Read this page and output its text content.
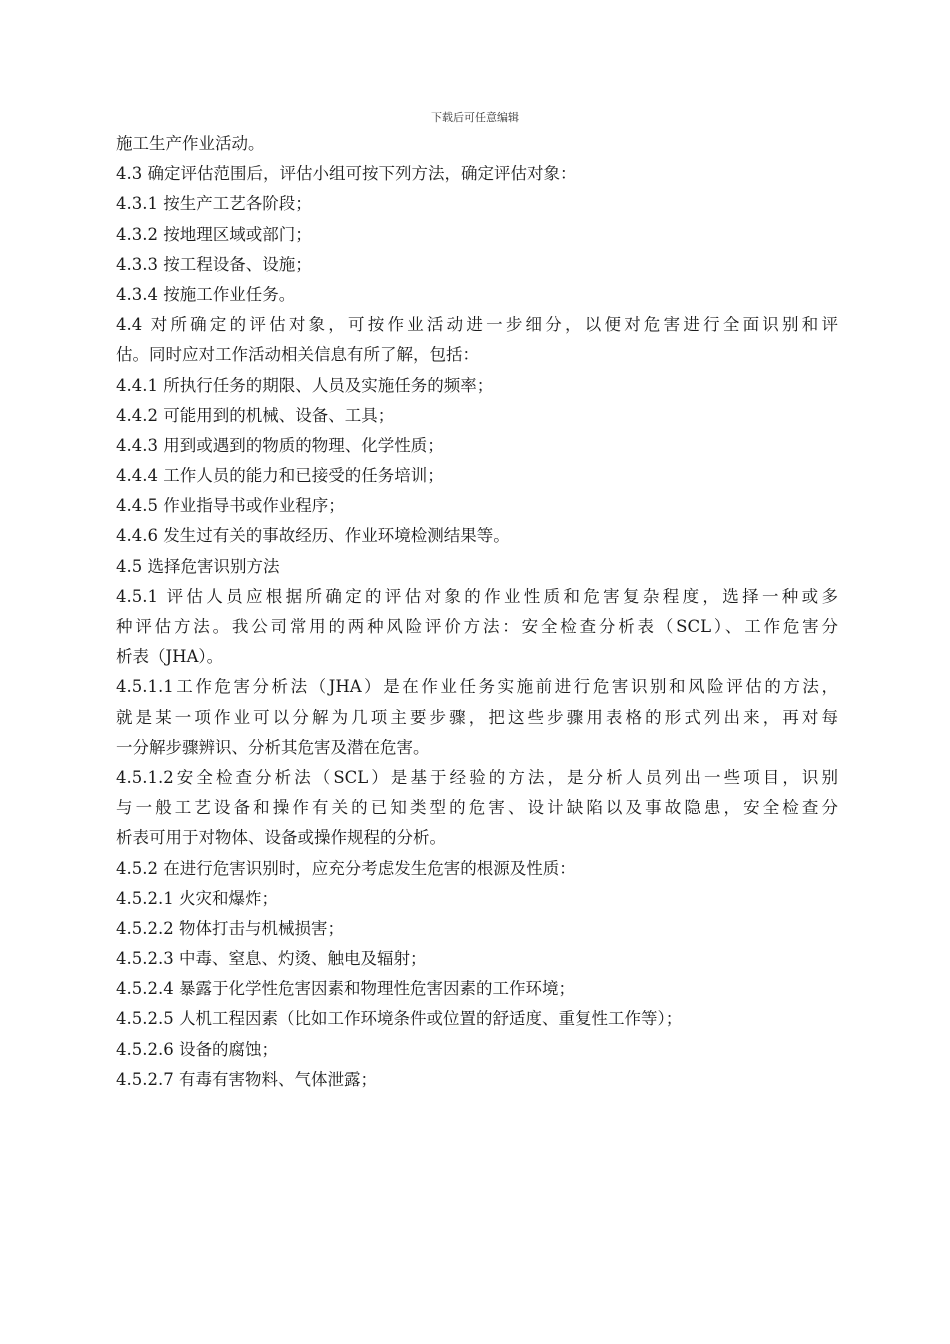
下载后可任意编辑
施工生产作业活动。
4.3 确定评估范围后，评估小组可按下列方法，确定评估对象：
4.3.1 按生产工艺各阶段；
4.3.2 按地理区域或部门；
4.3.3 按工程设备、设施；
4.3.4 按施工作业任务。
4.4 对所确定的评估对象，可按作业活动进一步细分，以便对危害进行全面识别和评
估。同时应对工作活动相关信息有所了解，包括：
4.4.1 所执行任务的期限、人员及实施任务的频率；
4.4.2 可能用到的机械、设备、工具；
4.4.3 用到或遇到的物质的物理、化学性质；
4.4.4 工作人员的能力和已接受的任务培训；
4.4.5 作业指导书或作业程序；
4.4.6 发生过有关的事故经历、作业环境检测结果等。
4.5 选择危害识别方法
4.5.1 评估人员应根据所确定的评估对象的作业性质和危害复杂程度，选择一种或多
种评估方法。我公司常用的两种风险评价方法：安全检查分析表（SCL）、工作危害分
析表（JHA）。
4.5.1.1工作危害分析法（JHA）是在作业任务实施前进行危害识别和风险评估的方法，
就是某一项作业可以分解为几项主要步骤，把这些步骤用表格的形式列出来，再对每
一分解步骤辨识、分析其危害及潜在危害。
4.5.1.2安全检查分析法（SCL）是基于经验的方法，是分析人员列出一些项目，识别
与一般工艺设备和操作有关的已知类型的危害、设计缺陷以及事故隐患，安全检查分
析表可用于对物体、设备或操作规程的分析。
4.5.2 在进行危害识别时，应充分考虑发生危害的根源及性质：
4.5.2.1 火灾和爆炸；
4.5.2.2 物体打击与机械损害；
4.5.2.3 中毒、窒息、灼烫、触电及辐射；
4.5.2.4 暴露于化学性危害因素和物理性危害因素的工作环境；
4.5.2.5 人机工程因素（比如工作环境条件或位置的舒适度、重复性工作等）；
4.5.2.6 设备的腐蚀；
4.5.2.7 有毒有害物料、气体泄露；
